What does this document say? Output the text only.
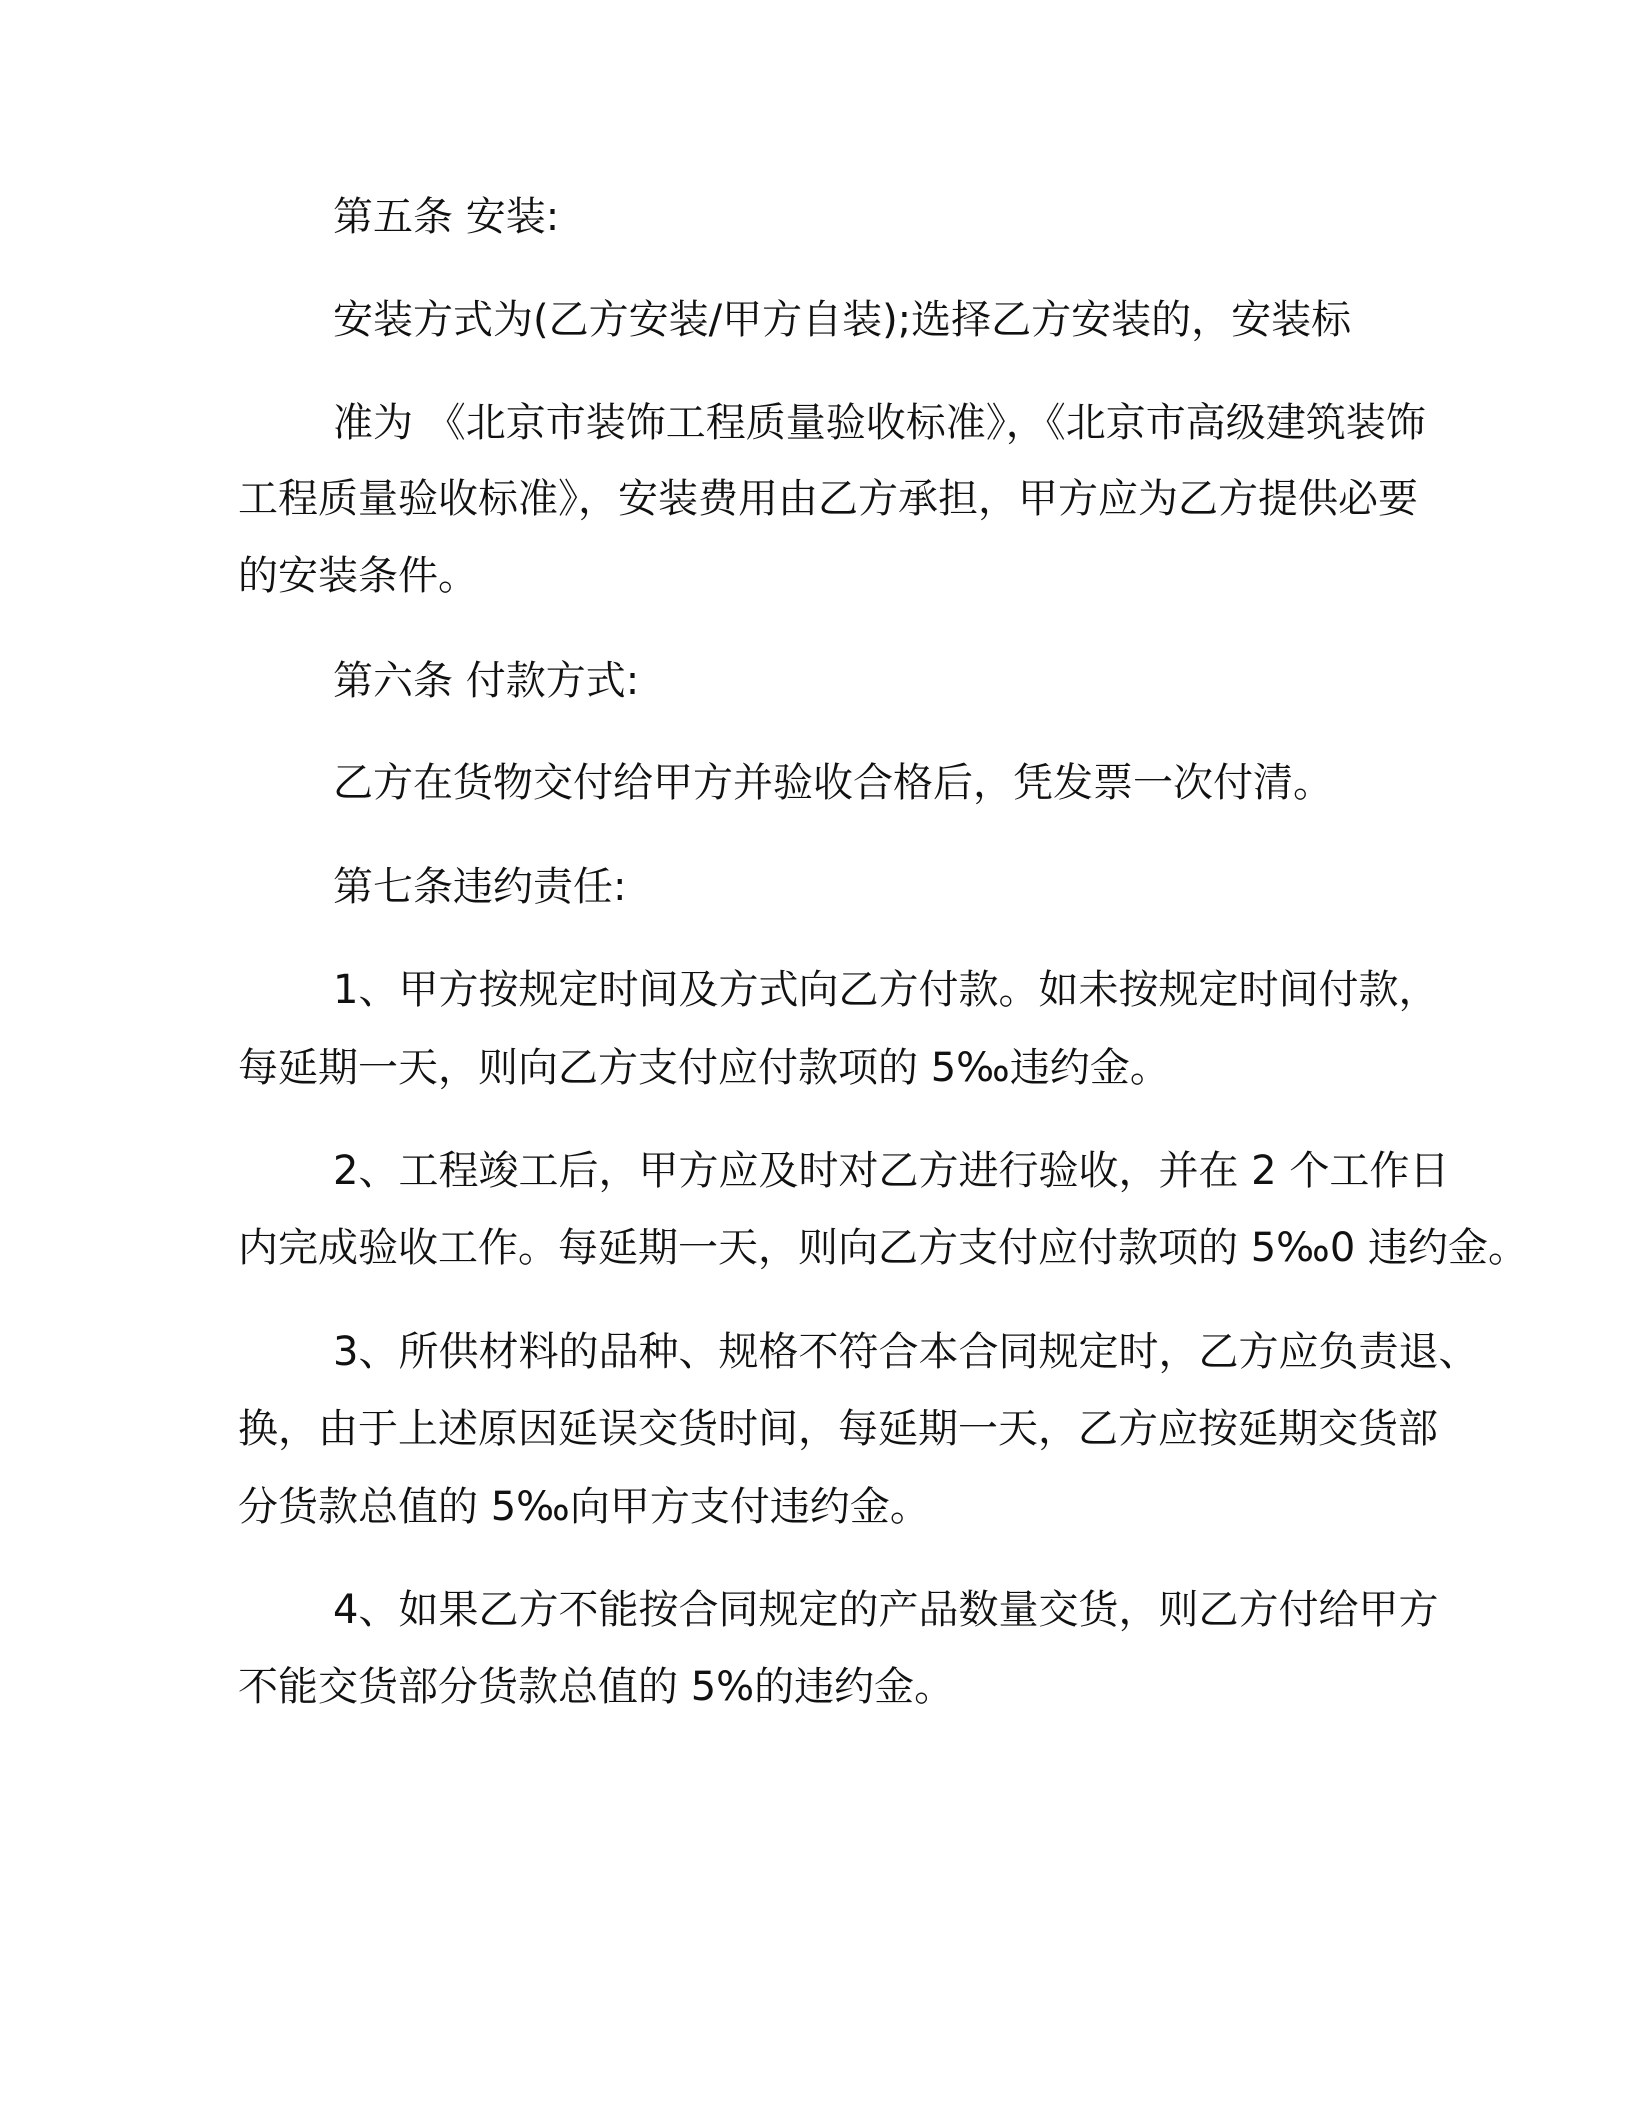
第五条 安装:
安装方式为(乙方安装/甲方自装);选择乙方安装的，安装标
准为 《北京市装饰工程质量验收标准》，《北京市高级建筑装饰
工程质量验收标准》，安装费用由乙方承担，甲方应为乙方提供必要
的安装条件。
第六条 付款方式:
乙方在货物交付给甲方并验收合格后，凭发票一次付清。
第七条违约责任:
1、甲方按规定时间及方式向乙方付款。如未按规定时间付款，
每延期一天，则向乙方支付应付款项的 5‰违约金。
2、工程竣工后，甲方应及时对乙方进行验收，并在 2 个工作日
内完成验收工作。每延期一天，则向乙方支付应付款项的 5‰0 违约金。
3、所供材料的品种、规格不符合本合同规定时，乙方应负责退、
换，由于上述原因延误交货时间，每延期一天，乙方应按延期交货部
分货款总值的 5‰向甲方支付违约金。
4、如果乙方不能按合同规定的产品数量交货，则乙方付给甲方
不能交货部分货款总值的 5%的违约金。
